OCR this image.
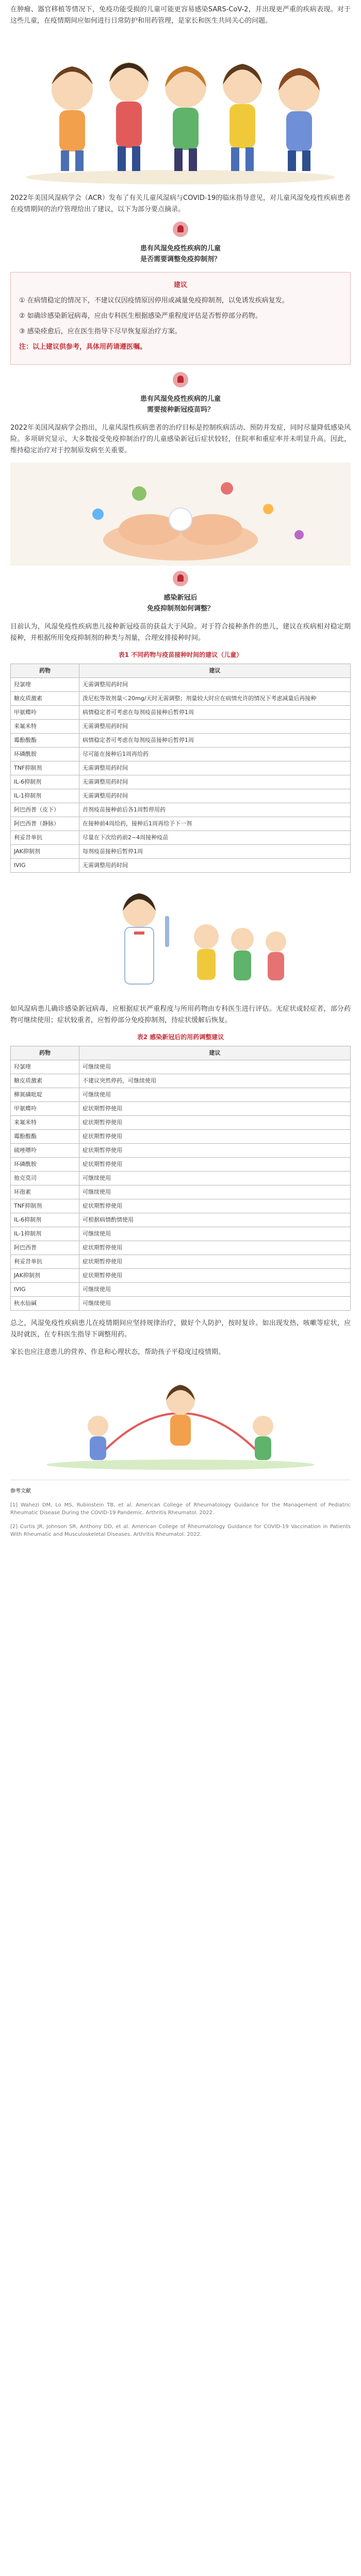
在肿瘤、器官移植等情况下，免疫功能受损的儿童可能更容易感染SARS-CoV-2，并出现更严重的疾病表现。对于这些儿童，在疫情期间应如何进行日常防护和用药管理，是家长和医生共同关心的问题。

2022年美国风湿病学会（ACR）发布了有关儿童风湿病与COVID-19的临床指导意见，对儿童风湿免疫性疾病患者在疫情期间的治疗管理给出了建议，以下为部分要点摘录。

患有风湿免疫性疾病的儿童
是否需要调整免疫抑制剂？
建议

① 在病情稳定的情况下，不建议仅因疫情原因停用或减量免疫抑制剂，以免诱发疾病复发。

② 如确诊感染新冠病毒，应由专科医生根据感染严重程度评估是否暂停部分药物。

③ 感染痊愈后，应在医生指导下尽早恢复原治疗方案。

注：以上建议供参考，具体用药请遵医嘱。

患有风湿免疫性疾病的儿童
需要接种新冠疫苗吗？

2022年美国风湿病学会指出，儿童风湿性疾病患者的治疗目标是控制疾病活动、预防并发症，同时尽量降低感染风险。多项研究显示，大多数接受免疫抑制治疗的儿童感染新冠后症状较轻，住院率和重症率并未明显升高。因此，维持稳定治疗对于控制原发病至关重要。

感染新冠后
免疫抑制剂如何调整？

目前认为，风湿免疫性疾病患儿接种新冠疫苗的获益大于风险。对于符合接种条件的患儿，建议在疾病相对稳定期接种，并根据所用免疫抑制剂的种类与剂量，合理安排接种时间。

表1 不同药物与疫苗接种时间的建议（儿童）
药物	建议
羟氯喹	无需调整用药时间
糖皮质激素	泼尼松等效剂量＜20mg/天时无需调整；剂量较大时应在病情允许的情况下考虑减量后再接种
甲氨蝶呤	病情稳定者可考虑在每剂疫苗接种后暂停1周
来氟米特	无需调整用药时间
霉酚酸酯	病情稳定者可考虑在每剂疫苗接种后暂停1周
环磷酰胺	尽可能在接种后1周再给药
TNF抑制剂	无需调整用药时间
IL-6抑制剂	无需调整用药时间
IL-1抑制剂	无需调整用药时间
阿巴西普（皮下）	首剂疫苗接种前后各1周暂停用药
阿巴西普（静脉）	在接种前4周给药，接种后1周再给予下一剂
利妥昔单抗	尽量在下次给药前2~4周接种疫苗
JAK抑制剂	每剂疫苗接种后暂停1周
IVIG	无需调整用药时间

如风湿病患儿确诊感染新冠病毒，应根据症状严重程度与所用药物由专科医生进行评估。无症状或轻症者，部分药物可继续使用；症状较重者，应暂停部分免疫抑制剂，待症状缓解后恢复。

表2 感染新冠后的用药调整建议
药物	建议
羟氯喹	可继续使用
糖皮质激素	不建议突然停药，可继续使用
柳氮磺吡啶	可继续使用
甲氨蝶呤	症状期暂停使用
来氟米特	症状期暂停使用
霉酚酸酯	症状期暂停使用
硫唑嘌呤	症状期暂停使用
环磷酰胺	症状期暂停使用
他克莫司	可继续使用
环孢素	可继续使用
TNF抑制剂	症状期暂停使用
IL-6抑制剂	可根据病情酌情使用
IL-1抑制剂	可继续使用
阿巴西普	症状期暂停使用
利妥昔单抗	症状期暂停使用
JAK抑制剂	症状期暂停使用
IVIG	可继续使用
秋水仙碱	可继续使用

总之，风湿免疫性疾病患儿在疫情期间应坚持规律治疗，做好个人防护，按时复诊。如出现发热、咳嗽等症状，应及时就医，在专科医生指导下调整用药。

家长也应注意患儿的营养、作息和心理状态，帮助孩子平稳度过疫情期。

参考文献

[1] Wahezi DM, Lo MS, Rubinstein TB, et al. American College of Rheumatology Guidance for the Management of Pediatric Rheumatic Disease During the COVID-19 Pandemic. Arthritis Rheumatol. 2022.

[2] Curtis JR, Johnson SR, Anthony DD, et al. American College of Rheumatology Guidance for COVID-19 Vaccination in Patients With Rheumatic and Musculoskeletal Diseases. Arthritis Rheumatol. 2022.
